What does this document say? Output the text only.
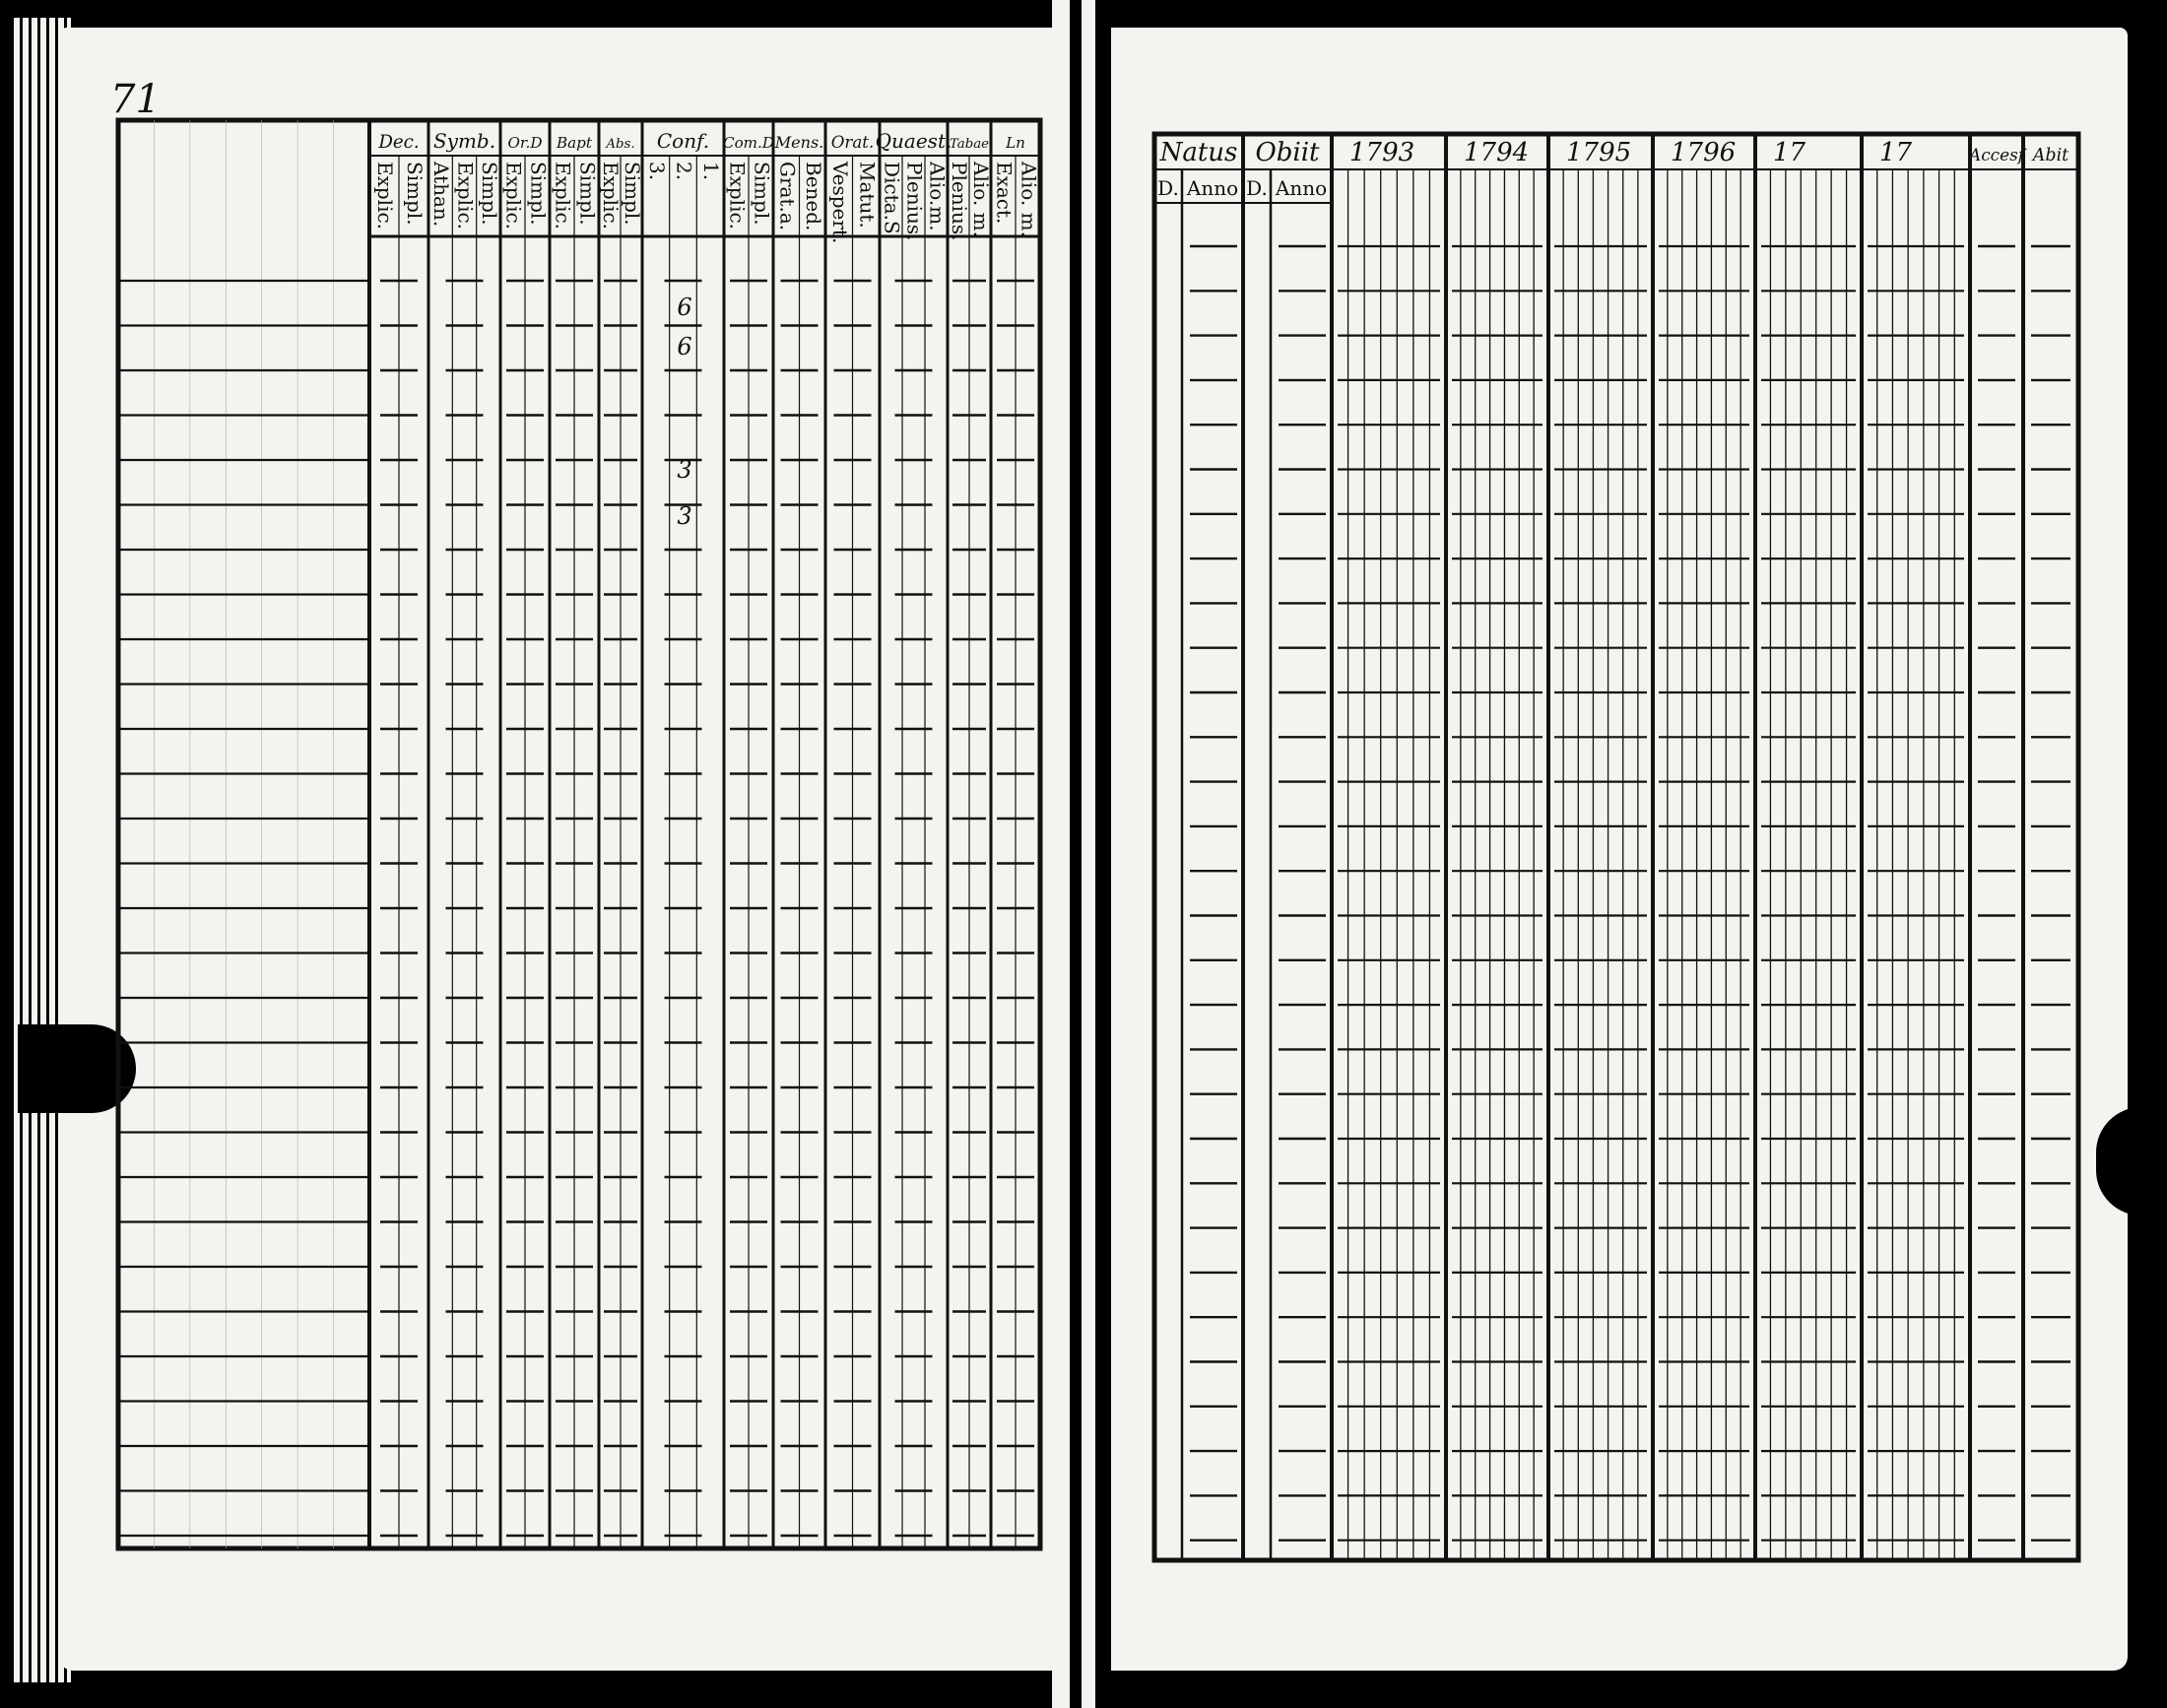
71
Dec.
Explic. Simpl.
Symb.
Athan. Explic. Simpl.
Or.D
Explic. Simpl.
Bapt
Explic. Simpl.
Abs.
Explic.
Simpl.
Conf.
3. 2. 1.
Com.D
Explic. Simpl.
Mens.
Grat.a. Bened.
Orat.
Vespert. Matut.
Quaest.
Dicta.S. Plenius. Alio.m.
Tabae
Plenius.
Alio. m.
Ln
Exact. Alio. m.
6
6
3
3
Natus
D. Anno
Obiit
D. Anno
1793 1794 1795 1796 17	17	Accesf Abit
